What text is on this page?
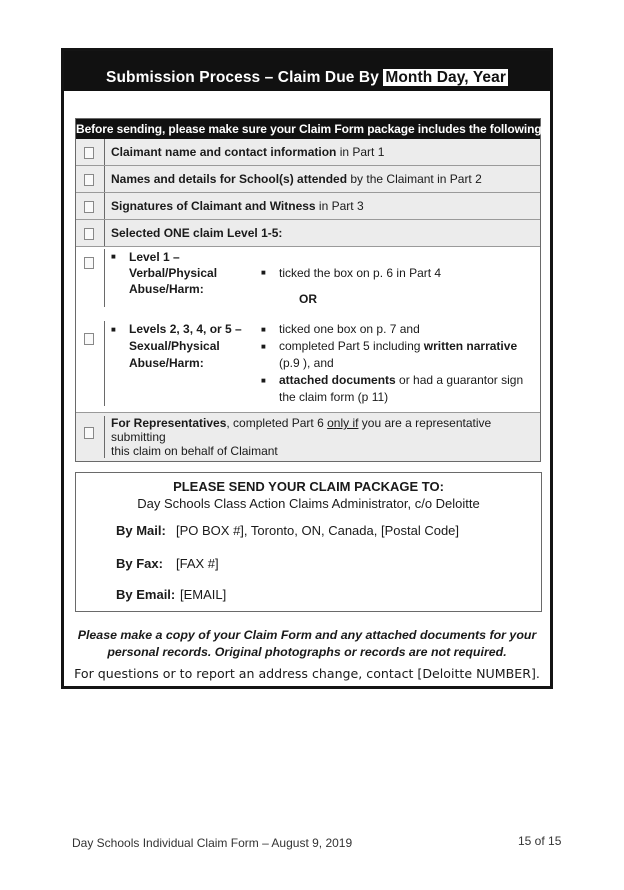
Submission Process – Claim Due By Month Day, Year
Before sending, please make sure your Claim Form package includes the following:
Claimant name and contact information in Part 1
Names and details for School(s) attended by the Claimant in Part 2
Signatures of Claimant and Witness in Part 3
Selected ONE claim Level 1-5:
■	Level 1 –
Verbal/Physical
Abuse/Harm:
■	ticked the box on p. 6 in Part 4
OR
■	Levels 2, 3, 4, or 5 –
Sexual/Physical
Abuse/Harm:
■	ticked one box on p. 7 and
■	completed Part 5 including written narrative
(p.9 ), and
■	attached documents or had a guarantor sign
the claim form (p 11)
For Representatives, completed Part 6 only if you are a representative submitting
this claim on behalf of Claimant
PLEASE SEND YOUR CLAIM PACKAGE TO:
Day Schools Class Action Claims Administrator, c/o Deloitte
By Mail: [PO BOX #], Toronto, ON, Canada, [Postal Code]
By Fax: [FAX #]
By Email: [EMAIL]
Please make a copy of your Claim Form and any attached documents for your
personal records. Original photographs or records are not required.
For questions or to report an address change, contact [Deloitte NUMBER].
Day Schools Individual Claim Form – August 9, 2019	15 of 15
